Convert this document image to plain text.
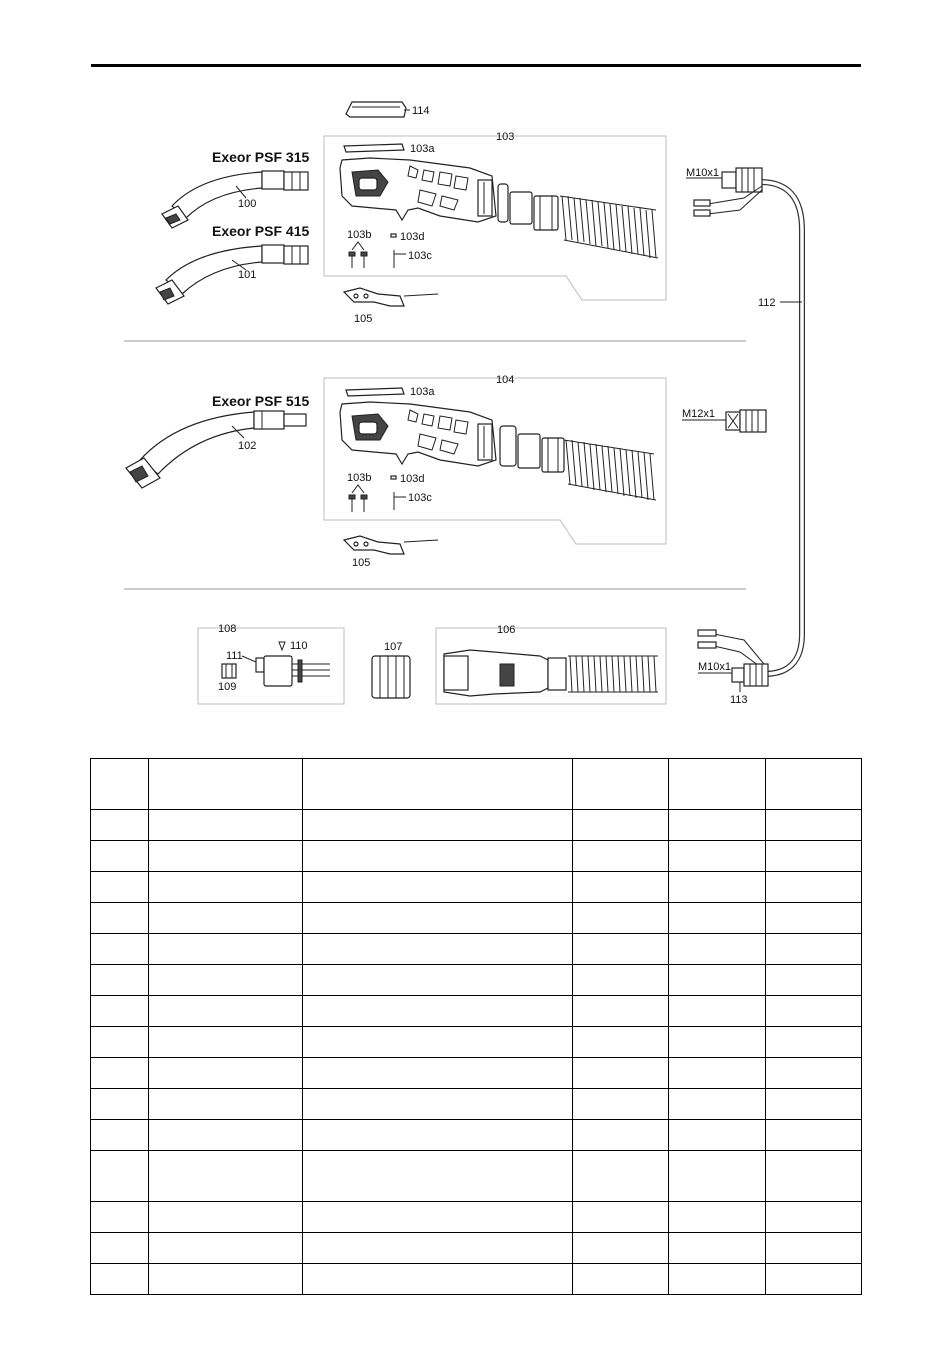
114
103
103a
103b	103d
103c
105
Exeor PSF 315
100
Exeor PSF 415
101
M10x1
112
104
103a
103b	103d
103c
105
Exeor PSF 515
102
M12x1
108
110
111
109
107
106
M10x1
113
